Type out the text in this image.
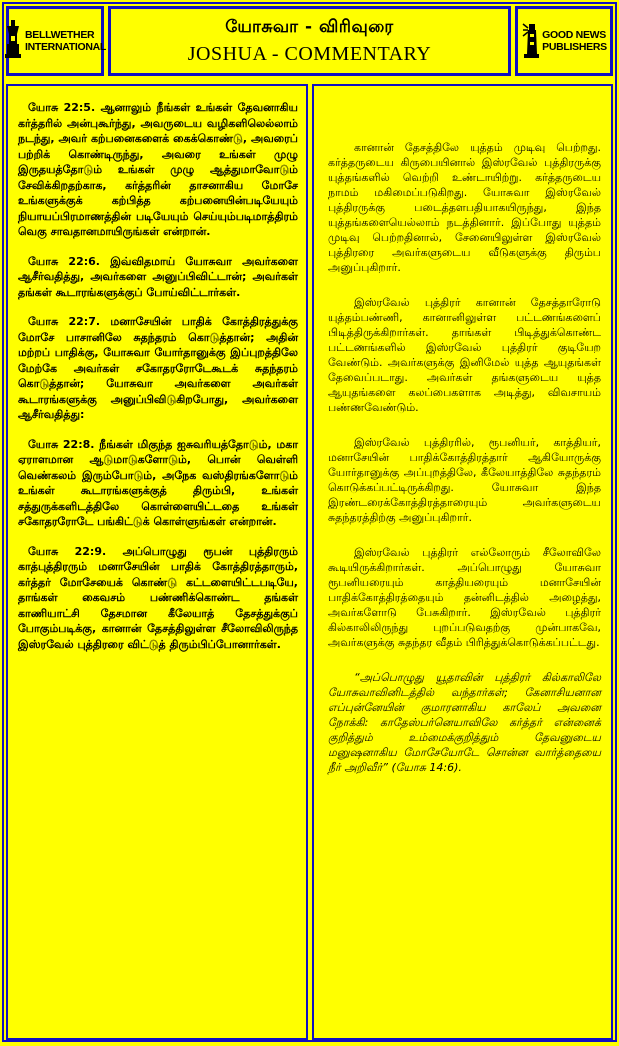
BELLWETHER
INTERNATIONAL
யோசுவா - விரிவுரை
JOSHUA - COMMENTARY
GOOD NEWS
PUBLISHERS

யோசு 22:5. ஆனாலும் நீங்கள் உங்கள் தேவனாகிய கர்த்தரில் அன்புகூர்ந்து, அவருடைய வழிகளிலெல்லாம் நடந்து, அவர் கற்பனைகளைக் கைக்கொண்டு, அவரைப் பற்றிக் கொண்டிருந்து, அவரை உங்கள் முழு இருதயத்தோடும் உங்கள் முழு ஆத்துமாவோடும் சேவிக்கிறதற்காக, கர்த்தரின் தாசனாகிய மோசே உங்களுக்குக் கற்பித்த கற்பனையின்படியேயும் நியாயப்பிரமாணத்தின் படியேயும் செய்யும்படிமாத்திரம் வெகு சாவதானமாயிருங்கள் என்றான்.

யோசு 22:6. இவ்விதமாய் யோசுவா அவர்களை ஆசீர்வதித்து, அவர்களை அனுப்பிவிட்டான்; அவர்கள் தங்கள் கூடாரங்களுக்குப் போய்விட்டார்கள்.

யோசு 22:7. மனாசேயின் பாதிக் கோத்திரத்துக்கு மோசே பாசானிலே சுதந்தரம் கொடுத்தான்; அதின் மற்றப் பாதிக்கு, யோசுவா யோர்தானுக்கு இப்புறத்திலே மேற்கே அவர்கள் சகோதரரோடேகூடக் சுதந்தரம் கொடுத்தான்; யோசுவா அவர்களை அவர்கள் கூடாரங்களுக்கு அனுப்பிவிடுகிறபோது, அவர்களை ஆசீர்வதித்து:

யோசு 22:8. நீங்கள் மிகுந்த ஐசுவரியத்தோடும், மகா ஏராளமான ஆடுமாடுகளோடும், பொன் வெள்ளி வெண்கலம் இரும்போடும், அநேக வஸ்திரங்களோடும் உங்கள் கூடாரங்களுக்குத் திரும்பி, உங்கள் சத்துருக்களிடத்திலே கொள்ளையிட்டதை உங்கள் சகோதரரோடே பங்கிட்டுக் கொள்ளுங்கள் என்றான்.

யோசு 22:9. அப்பொழுது ரூபன் புத்திரரும் காத்புத்திரரும் மனாசேயின் பாதிக் கோத்திரத்தாரும், கர்த்தர் மோசேயைக் கொண்டு கட்டளையிட்டபடியே, தாங்கள் கைவசம் பண்ணிக்கொண்ட தங்கள் காணியாட்சி தேசமான கீலேயாத் தேசத்துக்குப் போகும்படிக்கு, கானான் தேசத்திலுள்ள சீலோவிலிருந்த இஸ்ரவேல் புத்திரரை விட்டுத் திரும்பிப்போனார்கள்.

கானான் தேசத்திலே யுத்தம் முடிவு பெற்றது. கர்த்தருடைய கிருபையினால் இஸ்ரவேல் புத்திரருக்கு யுத்தங்களில் வெற்றி உண்டாயிற்று. கர்த்தருடைய நாமம் மகிமைப்படுகிறது. யோசுவா இஸ்ரவேல் புத்திரருக்கு படைத்தளபதியாகயிருந்து, இந்த யுத்தங்களையெல்லாம் நடத்தினார். இப்போது யுத்தம் முடிவு பெற்றதினால், சேனையிலுள்ள இஸ்ரவேல் புத்திரரை அவர்களுடைய வீடுகளுக்கு திரும்ப அனுப்புகிறார்.

இஸ்ரவேல் புத்திரர் கானான் தேசத்தாரோடு யுத்தம்பண்ணி, கானானிலுள்ள பட்டணங்களைப் பிடித்திருக்கிறார்கள். தாங்கள் பிடித்துக்கொண்ட பட்டணங்களில் இஸ்ரவேல் புத்திரர் குடியேற வேண்டும். அவர்களுக்கு இனிமேல் யுத்த ஆயுதங்கள் தேவைப்படாது. அவர்கள் தங்களுடைய யுத்த ஆயுதங்களை கலப்பைகளாக அடித்து, விவசாயம் பண்ணவேண்டும்.

இஸ்ரவேல் புத்திரரில், ரூபனியர், காத்தியர், மனாசேயின் பாதிக்கோத்திரத்தார் ஆகியோருக்கு யோர்தானுக்கு அப்புறத்திலே, கீலேயாத்திலே சுதந்தரம் கொடுக்கப்பட்டிருக்கிறது. யோசுவா இந்த இரண்டரைக்கோத்திரத்தாரையும் அவர்களுடைய சுதந்தரத்திற்கு அனுப்புகிறார்.

இஸ்ரவேல் புத்திரர் எல்லோரும் சீலோவிலே கூடியிருக்கிறார்கள். அப்பொழுது யோசுவா ரூபனியரையும் காத்தியரையும் மனாசேயின் பாதிக்கோத்திரத்தையும் தன்னிடத்தில் அழைத்து, அவர்களோடு பேசுகிறார். இஸ்ரவேல் புத்திரர் கில்காலிலிருந்து புறப்படுவதற்கு முன்பாகவே, அவர்களுக்கு சுதந்தர வீதம் பிரித்துக்கொடுக்கப்பட்டது.

“அப்பொழுது யூதாவின் புத்திரர் கில்காலிலே யோசுவாவினிடத்தில் வந்தார்கள்; கேனாசியனான எப்புன்னேயின் குமாரனாகிய காலேப் அவனை நோக்கி: காதேஸ்பர்னெயாவிலே கர்த்தர் என்னைக் குறித்தும் உம்மைக்குறித்தும் தேவனுடைய மனுஷனாகிய மோசேயோடே சொன்ன வார்த்தையை நீர் அறிவீர்” (யோசு 14:6).
